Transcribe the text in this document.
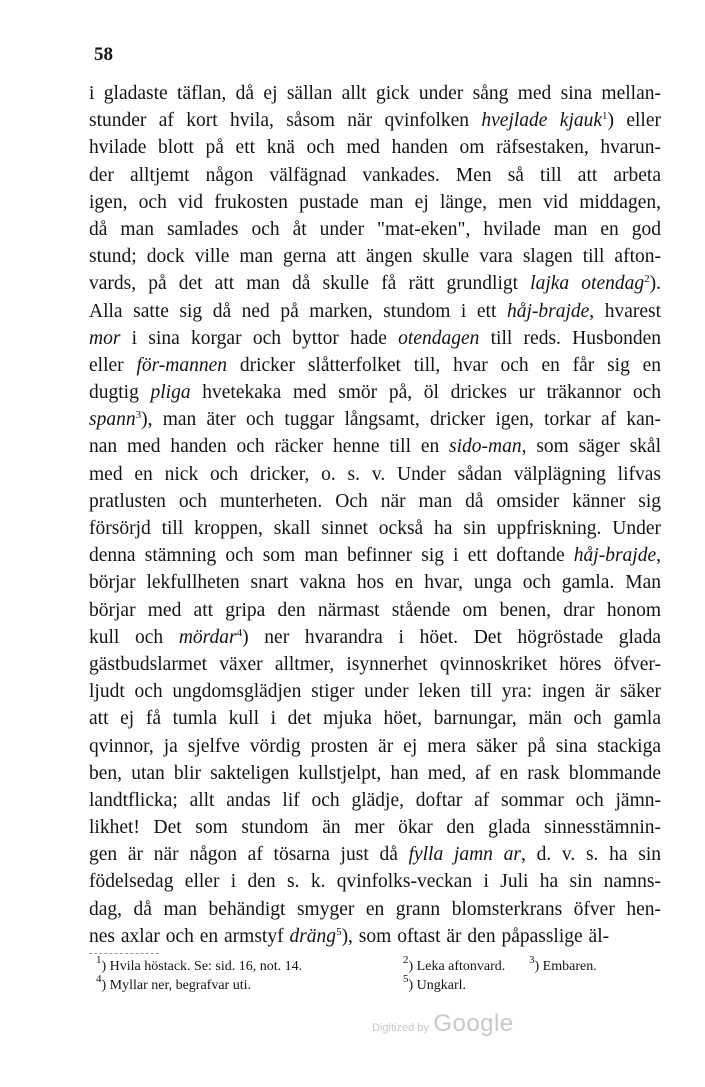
58
i gladaste täflan, då ej sällan allt gick under sång med sina mellan-
stunder af kort hvila, såsom när qvinfolken hvejlade kjauk$^1$) eller
hvilade blott på ett knä och med handen om räfsestaken, hvarun-
der alltjemt någon välfägnad vankades. Men så till att arbeta
igen, och vid frukosten pustade man ej länge, men vid middagen,
då man samlades och åt under "mat-eken", hvilade man en god
stund; dock ville man gerna att ängen skulle vara slagen till afton-
vards, på det att man då skulle få rätt grundligt lajka otendag$^2$).
Alla satte sig då ned på marken, stundom i ett håj-brajde, hvarest
mor i sina korgar och byttor hade otendagen till reds. Husbonden
eller för-mannen dricker slåtterfolket till, hvar och en får sig en
dugtig pliga hvetekaka med smör på, öl drickes ur träkannor och
spann$^3$), man äter och tuggar långsamt, dricker igen, torkar af kan-
nan med handen och räcker henne till en sido-man, som säger skål
med en nick och dricker, o. s. v. Under sådan välplägning lifvas
pratlusten och munterheten. Och när man då omsider känner sig
försörjd till kroppen, skall sinnet också ha sin uppfriskning. Under
denna stämning och som man befinner sig i ett doftande håj-brajde,
börjar lekfullheten snart vakna hos en hvar, unga och gamla. Man
börjar med att gripa den närmast stående om benen, drar honom
kull och mördar$^4$) ner hvarandra i höet. Det högröstade glada
gästbudslarmet växer alltmer, isynnerhet qvinnoskriket höres öfver-
ljudt och ungdomsglädjen stiger under leken till yra: ingen är säker
att ej få tumla kull i det mjuka höet, barnungar, män och gamla
qvinnor, ja sjelfve vördig prosten är ej mera säker på sina stackiga
ben, utan blir sakteligen kullstjelpt, han med, af en rask blommande
landtflicka; allt andas lif och glädje, doftar af sommar och jämn-
likhet! Det som stundom än mer ökar den glada sinnesstämnin-
gen är när någon af tösarna just då fylla jamn ar, d. v. s. ha sin
födelsedag eller i den s. k. qvinfolks-veckan i Juli ha sin namns-
dag, då man behändigt smyger en grann blomsterkrans öfver hen-
nes axlar och en armstyf dräng$^5$), som oftast är den påpasslige äl-
$^1$) Hvila höstack. Se: sid. 16, not. 14.	$^2$) Leka aftonvard. $^3$) Embaren.
$^4$) Myllar ner, begrafvar uti.	$^5$) Ungkarl.
Digitized by Google
